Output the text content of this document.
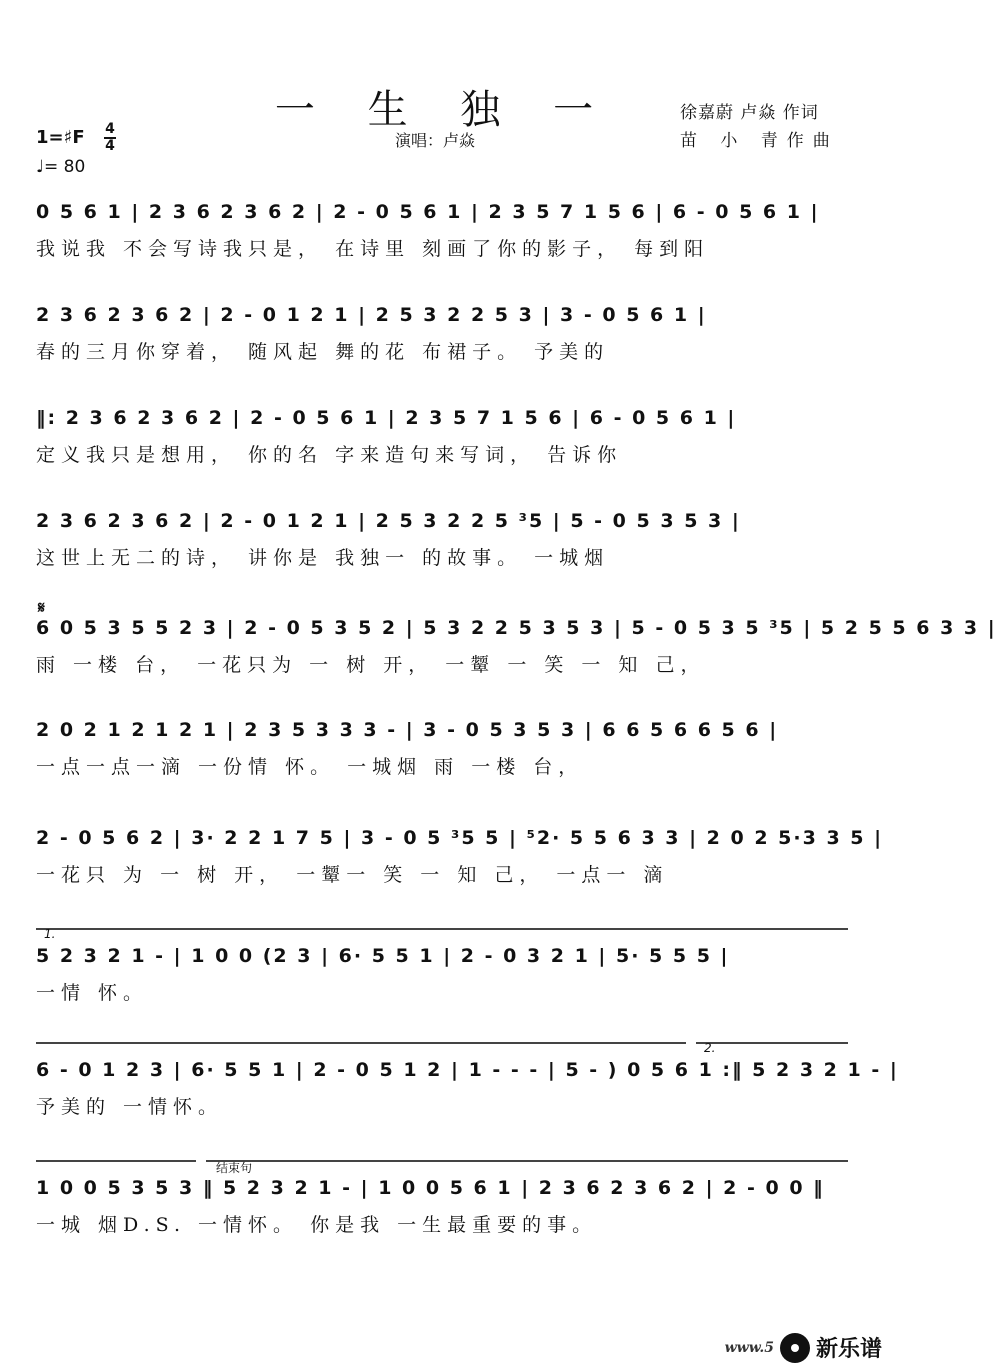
一 生 独 一
演唱：卢焱
徐嘉蔚 卢焱 作词
苗 小 青作曲
1=♯F 4
4
♩= 80
0 5 6 1 | 2 3 6 2 3 6 2 | 2 - 0 5 6 1 | 2 3 5 7 1 5 6 | 6 - 0 5 6 1 |
我说我 不会写诗我只是， 在诗里 刻画了你的影子， 每到阳
2 3 6 2 3 6 2 | 2 - 0 1 2 1 | 2 5 3 2 2 5 3 | 3 - 0 5 6 1 |
春的三月你穿着， 随风起 舞的花 布裙子。 予美的
‖: 2 3 6 2 3 6 2 | 2 - 0 5 6 1 | 2 3 5 7 1 5 6 | 6 - 0 5 6 1 |
定义我只是想用， 你的名 字来造句来写词， 告诉你
2 3 6 2 3 6 2 | 2 - 0 1 2 1 | 2 5 3 2 2 5 ³5 | 5 - 0 5 3 5 3 |
这世上无二的诗， 讲你是 我独一 的故事。 一城烟
𝄋
6 0 5 3 5 5 2 3 | 2 - 0 5 3 5 2 | 5 3 2 2 5 3 5 3 | 5 - 0 5 3 5 ³5 | 5 2 5 5 6 3 3 |
雨 一楼 台， 一花只为 一 树 开， 一颦 一 笑 一 知 己，
2 0 2 1 2 1 2 1 | 2 3 5 3 3 3 - | 3 - 0 5 3 5 3 | 6 6 5 6 6 5 6 |
一点一点一滴 一份情 怀。 一城烟 雨 一楼 台，
2 - 0 5 6 2 | 3· 2 2 1 7 5 | 3 - 0 5 ³5 5 | ⁵2· 5 5 6 3 3 | 2 0 2 5·3 3 5 |
一花只 为 一 树 开， 一颦一 笑 一 知 己， 一点一 滴
1.
5 2 3 2 1 - | 1 0 0 (2 3 | 6· 5 5 1 | 2 - 0 3 2 1 | 5· 5 5 5 |
一情 怀。
2.
6 - 0 1 2 3 | 6· 5 5 1 | 2 - 0 5 1 2 | 1 - - - | 5 - ) 0 5 6 1 :‖ 5 2 3 2 1 - |
予美的 一情怀。
结束句
1 0 0 5 3 5 3 ‖ 5 2 3 2 1 - | 1 0 0 5 6 1 | 2 3 6 2 3 6 2 | 2 - 0 0 ‖
一城 烟D.S. 一情怀。 你是我 一生最重要的事。
www.5 新乐谱
